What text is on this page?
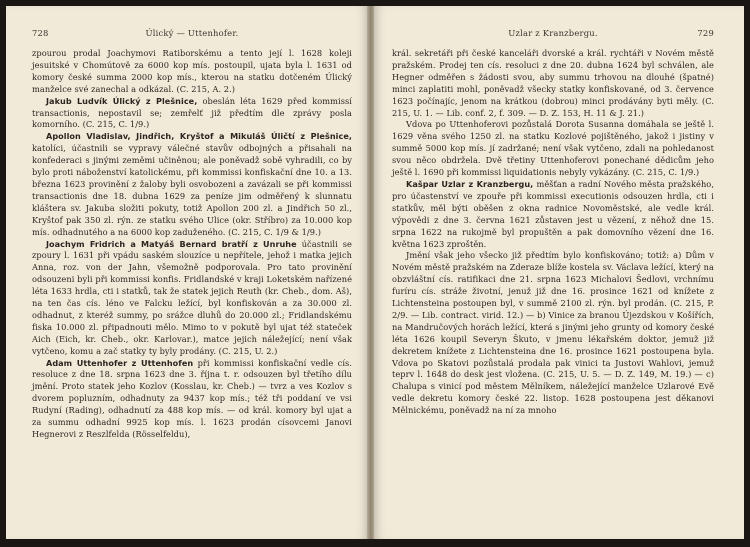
728	Úlický — Uttenhofer.

zpourou prodal Joachymovi Ratiborskému a tento její l. 1628 koleji jesuitské v Chomútově za 6000 kop mís. postoupil, ujata byla l. 1631 od komory české summa 2000 kop mís., kterou na statku dotčeném Úlický manželce své zanechal a odkázal. (C. 215, A. 2.)

Jakub Ludvík Úlický z Plešnice, obeslán léta 1629 před kommissí transactionis, nepostavil se; zemřelť již předtím dle zprávy posla komorního. (C. 215, C. 1/9.)

Apollon Vladislav, Jindřich, Kryštof a Mikuláš Úličtí z Plešnice, katolíci, účastnili se vypravy válečné stavův odbojných a přisahali na konfederaci s jinými zeměmi učiněnou; ale poněvadž sobě vyhradili, co by bylo proti náboženství katolickému, při kommissi konfiskační dne 10. a 13. března 1623 provinění z žaloby byli osvobozeni a zavázali se při kommissi transactionis dne 18. dubna 1629 za peníze jim odměřený k slunnatu kláštera sv. Jakuba složiti pokuty, totiž Apollon 200 zl. a Jindřich 50 zl., Kryštof pak 350 zl. rýn. ze statku svého Ulice (okr. Stříbro) za 10.000 kop mís. odhadnutého a na 6000 kop zaduženého. (C. 215, C. 1/9 & 1/9.)

Joachym Fridrich a Matyáš Bernard bratří z Unruhe účastnili se zpoury l. 1631 při vpádu saském slouzíce u nepřítele, jehož i matka jejich Anna, roz. von der Jahn, všemožně podporovala. Pro tato provinění odsouzeni byli při kommissi konfis. Fridlandské v kraji Loketském nařízené léta 1633 hrdla, cti i statků, tak že statek jejich Reuth (kr. Cheb., dom. Aš), na ten čas cís. léno ve Falcku ležící, byl konfiskován a za 30.000 zl. odhadnut, z kteréž summy, po srážce dluhů do 20.000 zl.; Fridlandskému fiska 10.000 zl. připadnouti mělo. Mimo to v pokutě byl ujat též stateček Aich (Eich, kr. Cheb., okr. Karlovar.), matce jejich náležející; není však vytčeno, komu a zač statky ty byly prodány. (C. 215, U. 2.)

Adam Uttenhofer z Uttenhofen při kommissi konfiskační vedle cís. resoluce z dne 18. srpna 1623 dne 3. října t. r. odsouzen byl třetího dílu jmění. Proto statek jeho Kozlov (Kosslau, kr. Cheb.) — tvrz a ves Kozlov s dvorem popluzním, odhadnuty za 9437 kop mís.; též tři poddaní ve vsi Rudyní (Rading), odhadnutí za 488 kop mís. — od král. komory byl ujat a za summu odhadní 9925 kop mís. l. 1623 prodán císovcemi Janovi Hegnerovi z Reszlfelda (Rösselfeldu),

Uzlar z Kranzbergu.	729

král. sekretáři při české kanceláři dvorské a král. rychtáři v Novém městě pražském. Prodej ten cís. resoluci z dne 20. dubna 1624 byl schválen, ale Hegner odměřen s žádosti svou, aby summu trhovou na dlouhé (špatné) minci zaplatiti mohl, poněvadž všecky statky konfiskované, od 3. července 1623 počínajíc, jenom na krátkou (dobrou) minci prodávány byti měly. (C. 215, U. 1. — Lib. conf. 2, f. 309. — D. Z. 153, H. 11 & J. 21.)

Vdova po Uttenhoferovi pozůstalá Dorota Susanna domáhala se ještě l. 1629 věna svého 1250 zl. na statku Kozlové pojištěného, jakož i jistiny v summě 5000 kop mís. jí zadržané; není však vytčeno, zdali na pohledanost svou něco obdržela. Dvě třetiny Uttenhoferovi ponechané dědicům jeho ještě l. 1690 při kommissi liquidationis nebyly vykázány. (C. 215, C. 1/9.)

Kašpar Uzlar z Kranzbergu, měšťan a radní Nového města pražského, pro účastenství ve zpouře při kommissi executionis odsouzen hrdla, cti i statkův, měl býti oběšen z okna radnice Novoměstské, ale vedle král. výpovědi z dne 3. června 1621 zůstaven jest u vězení, z něhož dne 15. srpna 1622 na rukojmě byl propuštěn a pak domovního vězení dne 16. května 1623 zproštěn.

Jmění však jeho všecko již předtím bylo konfiskováno; totiž: a) Dům v Novém městě pražském na Zderaze blíže kostela sv. Václava ležící, který na obzvláštní cís. ratifikaci dne 21. srpna 1623 Michalovi Šedlovi, vrchnímu furíru cís. stráže životní, jenuž již dne 16. prosince 1621 od knížete z Lichtensteina postoupen byl, v summě 2100 zl. rýn. byl prodán. (C. 215, P. 2/9. — Lib. contract. virid. 12.) — b) Vinice za branou Újezdskou v Košířích, na Mandručových horách ležící, která s jinými jeho grunty od komory české léta 1626 koupil Severyn Škuto, v jmenu lékařském doktor, jemuž již dekretem knížete z Lichtensteina dne 16. prosince 1621 postoupena byla. Vdova po Skatovi pozůstalá prodala pak vinici ta Justovi Wahlovi, jemuž teprv l. 1648 do desk jest vložena. (C. 215, U. 5. — D. Z. 149, M. 19.) — c) Chalupa s vinicí pod městem Mělníkem, náležející manželce Uzlarové Evě vedle dekretu komory české 22. listop. 1628 postoupena jest děkanovi Mělnickému, poněvadž na ní za mnoho
